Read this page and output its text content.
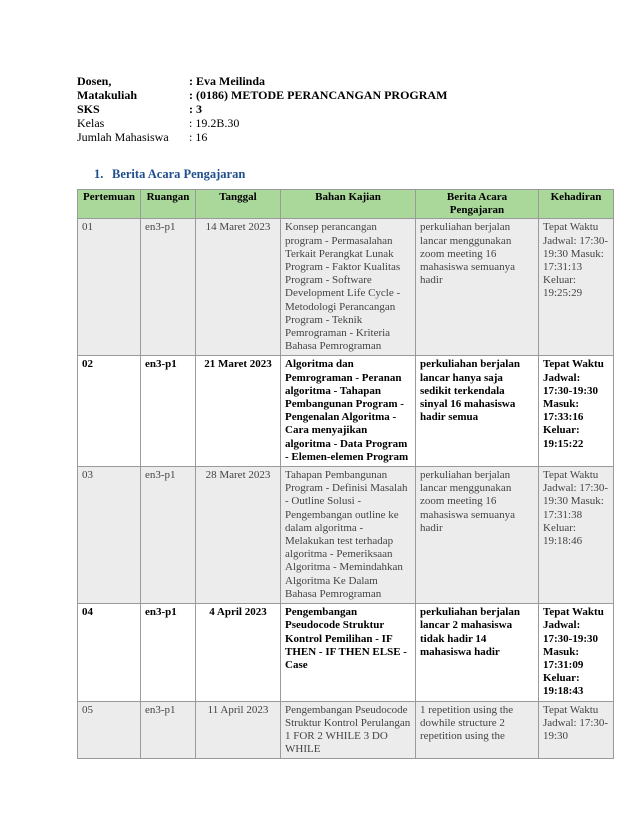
Dosen,	: Eva Meilinda
Matakuliah	: (0186) METODE PERANCANGAN PROGRAM
SKS	: 3
Kelas	: 19.2B.30
Jumlah Mahasiswa	: 16
1. Berita Acara Pengajaran
Pertemuan	Ruangan	Tanggal	Bahan Kajian	Berita Acara Pengajaran	Kehadiran
01	en3-p1	14 Maret 2023	Konsep perancangan program - Permasalahan Terkait Perangkat Lunak Program - Faktor Kualitas Program - Software Development Life Cycle - Metodologi Perancangan Program - Teknik Pemrograman - Kriteria Bahasa Pemrograman	perkuliahan berjalan lancar menggunakan zoom meeting 16 mahasiswa semuanya hadir	Tepat Waktu Jadwal: 17:30-19:30 Masuk: 17:31:13 Keluar: 19:25:29
02	en3-p1	21 Maret 2023	Algoritma dan Pemrograman - Peranan algoritma - Tahapan Pembangunan Program - Pengenalan Algoritma - Cara menyajikan algoritma - Data Program - Elemen-elemen Program	perkuliahan berjalan lancar hanya saja sedikit terkendala sinyal 16 mahasiswa hadir semua	Tepat Waktu Jadwal: 17:30-19:30 Masuk: 17:33:16 Keluar: 19:15:22
03	en3-p1	28 Maret 2023	Tahapan Pembangunan Program - Definisi Masalah - Outline Solusi - Pengembangan outline ke dalam algoritma - Melakukan test terhadap algoritma - Pemeriksaan Algoritma - Memindahkan Algoritma Ke Dalam Bahasa Pemrograman	perkuliahan berjalan lancar menggunakan zoom meeting 16 mahasiswa semuanya hadir	Tepat Waktu Jadwal: 17:30-19:30 Masuk: 17:31:38 Keluar: 19:18:46
04	en3-p1	4 April 2023	Pengembangan Pseudocode Struktur Kontrol Pemilihan - IF THEN - IF THEN ELSE - Case	perkuliahan berjalan lancar 2 mahasiswa tidak hadir 14 mahasiswa hadir	Tepat Waktu Jadwal: 17:30-19:30 Masuk: 17:31:09 Keluar: 19:18:43
05	en3-p1	11 April 2023	Pengembangan Pseudocode Struktur Kontrol Perulangan 1 FOR 2 WHILE 3 DO WHILE	1 repetition using the dowhile structure 2 repetition using the	Tepat Waktu Jadwal: 17:30-19:30
